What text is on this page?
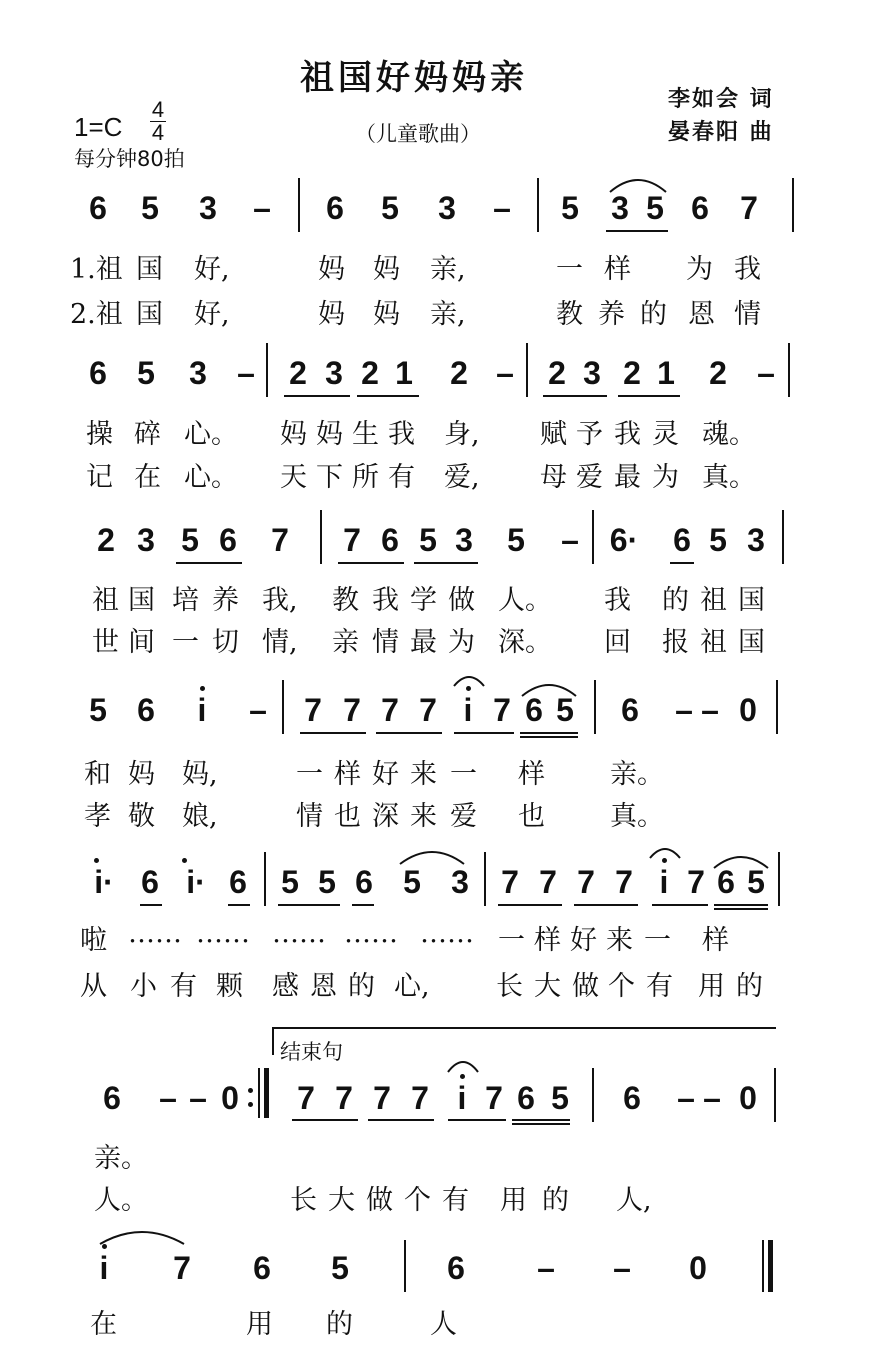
祖国好妈妈亲
李如会 词
晏春阳 曲
1=C
4
4
每分钟80拍
（儿童歌曲）
6 5 3 – 6 5 3 – 5 3 5 6 7
1.祖 国 好,	妈 妈 亲,	一 样 为 我
2.祖 国 好,	妈 妈 亲,	教 养 的 恩 情
6 5 3 – 2 3 2 1 2 – 2 3 2 1 2 –
操 碎 心。 妈 妈 生 我 身, 赋 予 我 灵 魂。
记 在 心。 天 下 所 有 爱, 母 爱 最 为 真。
2 3 5 6 7 7 6 5 3 5 – 6· 6 5 3
祖 国 培 养 我, 教 我 学 做 人。 我 的 祖 国
世 间 一 切 情, 亲 情 最 为 深。 回 报 祖 国
5 6 i – 7 7 7 7 i 7 6 5 6 – – 0
和 妈 妈,	一 样 好 来 一 样 亲。
孝 敬 娘,	情 也 深 来 爱 也 真。
i· 6 i· 6 5 5 6 5 3 7 7 7 7 i 7 6 5
啦 …… …… …… …… …… 一 样 好 来 一 样
从 小 有 颗 感 恩 的 心, 长 大 做 个 有 用 的
结束句
6 – – 0 7 7 7 7 i 7 6 5 6 – – 0
亲。
人。	长 大 做 个 有 用 的 人,
i 7 6 5	6 – – 0
在	用 的	人
